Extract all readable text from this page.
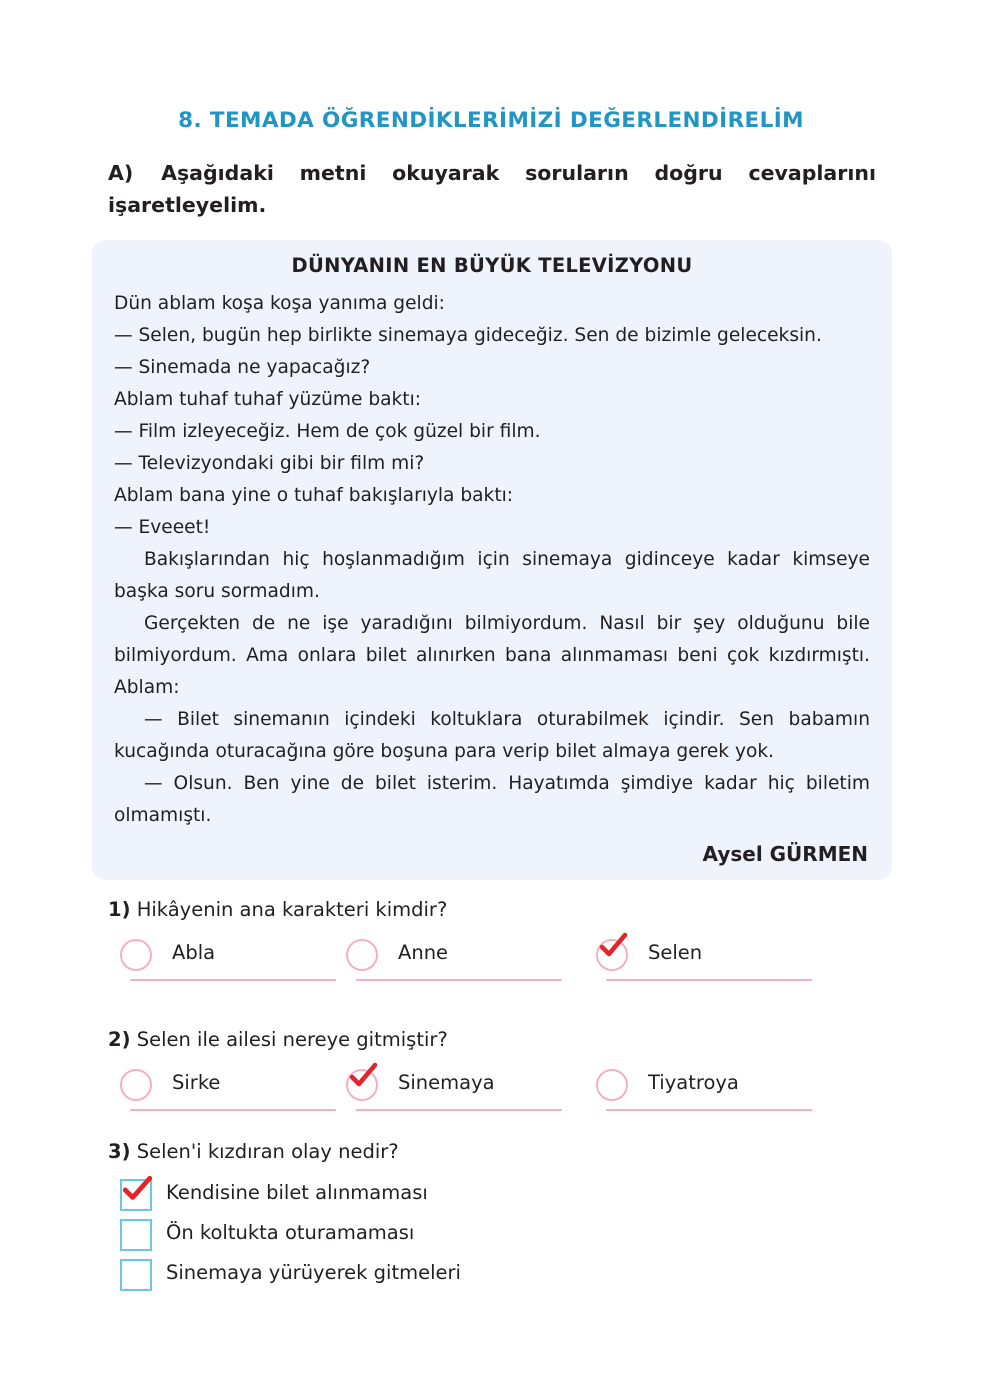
8. TEMADA ÖĞRENDİKLERİMİZİ DEĞERLENDİRELİM
A) Aşağıdaki metni okuyarak soruların doğru cevaplarını işaretleyelim.
DÜNYANIN EN BÜYÜK TELEVİZYONU

Dün ablam koşa koşa yanıma geldi:

— Selen, bugün hep birlikte sinemaya gideceğiz. Sen de bizimle geleceksin.

— Sinemada ne yapacağız?

Ablam tuhaf tuhaf yüzüme baktı:

— Film izleyeceğiz. Hem de çok güzel bir film.

— Televizyondaki gibi bir film mi?

Ablam bana yine o tuhaf bakışlarıyla baktı:

— Eveeet!

Bakışlarından hiç hoşlanmadığım için sinemaya gidinceye kadar kimseye başka soru sormadım.

Gerçekten de ne işe yaradığını bilmiyordum. Nasıl bir şey olduğunu bile bilmiyordum. Ama onlara bilet alınırken bana alınmaması beni çok kızdırmıştı. Ablam:

— Bilet sinemanın içindeki koltuklara oturabilmek içindir. Sen babamın kucağında oturacağına göre boşuna para verip bilet almaya gerek yok.

— Olsun. Ben yine de bilet isterim. Hayatımda şimdiye kadar hiç biletim olmamıştı.

Aysel GÜRMEN
1) Hikâyenin ana karakteri kimdir?
Abla	Anne	Selen
2) Selen ile ailesi nereye gitmiştir?
Sirke	Sinemaya	Tiyatroya
3) Selen'i kızdıran olay nedir?
Kendisine bilet alınmaması
Ön koltukta oturamaması
Sinemaya yürüyerek gitmeleri
